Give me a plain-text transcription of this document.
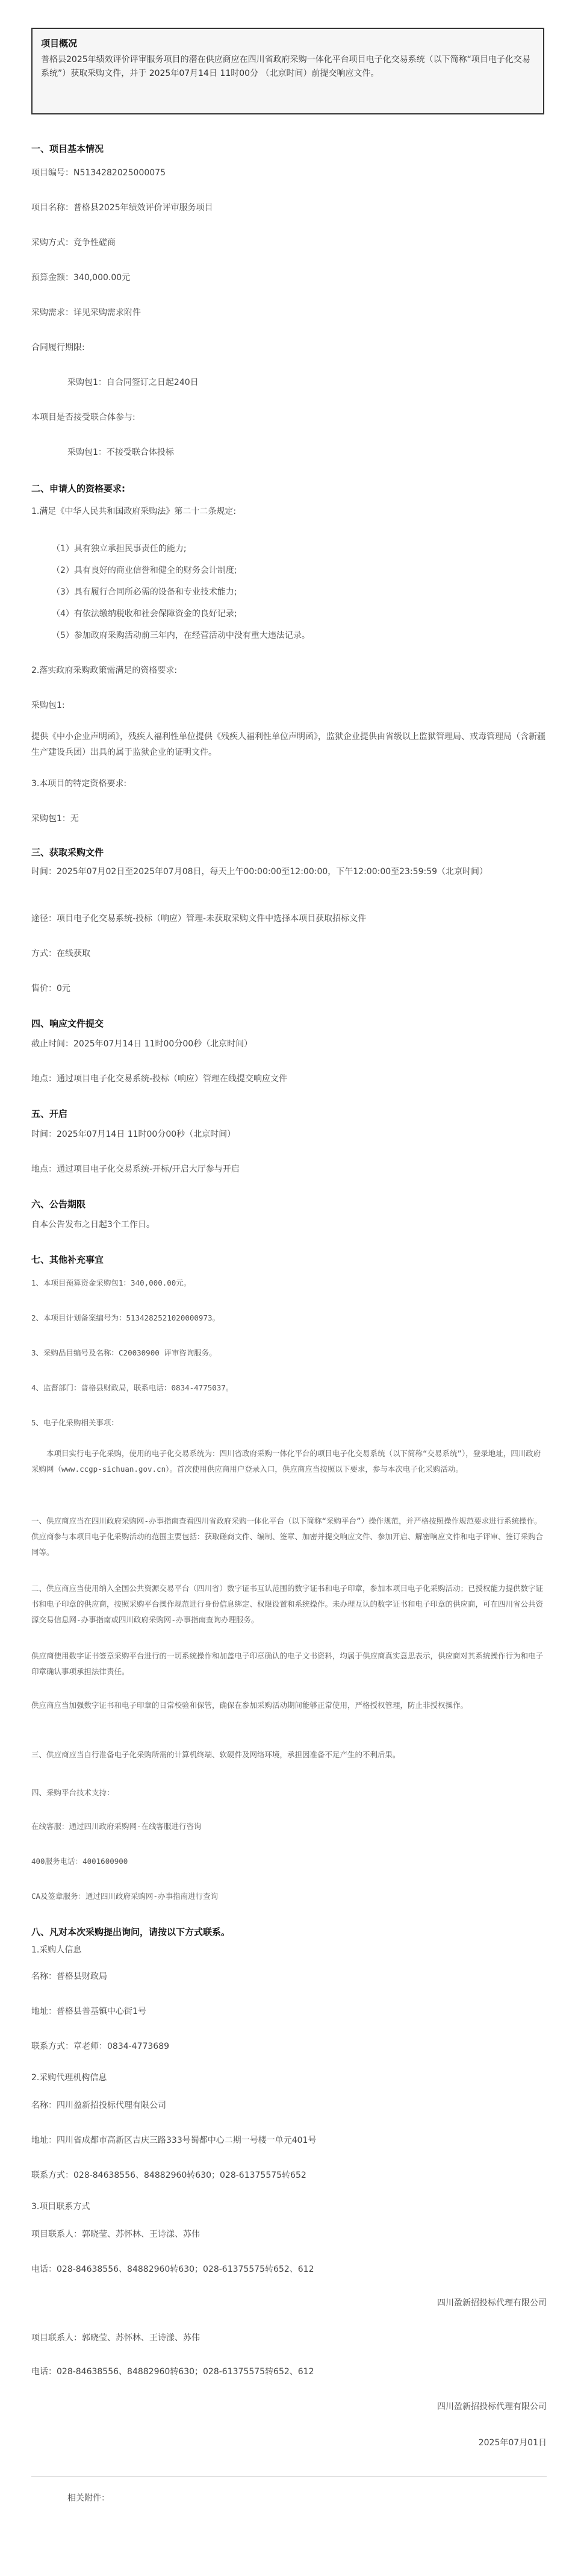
项目概况
普格县2025年绩效评价评审服务项目的潜在供应商应在四川省政府采购一体化平台项目电子化交易系统（以下简称“项目电子化交易系统”）获取采购文件，并于 2025年07月14日 11时00分 （北京时间）前提交响应文件。
一、项目基本情况
项目编号：N5134282025000075
项目名称：普格县2025年绩效评价评审服务项目
采购方式：竞争性磋商
预算金额：340,000.00元
采购需求：详见采购需求附件
合同履行期限:
采购包1：自合同签订之日起240日
本项目是否接受联合体参与:
采购包1：不接受联合体投标
二、申请人的资格要求:
1.满足《中华人民共和国政府采购法》第二十二条规定:
（1）具有独立承担民事责任的能力;
（2）具有良好的商业信誉和健全的财务会计制度;
（3）具有履行合同所必需的设备和专业技术能力;
（4）有依法缴纳税收和社会保障资金的良好记录;
（5）参加政府采购活动前三年内，在经营活动中没有重大违法记录。
2.落实政府采购政策需满足的资格要求:
采购包1:
提供《中小企业声明函》，残疾人福利性单位提供《残疾人福利性单位声明函》，监狱企业提供由省级以上监狱管理局、戒毒管理局（含新疆生产建设兵团）出具的属于监狱企业的证明文件。
3.本项目的特定资格要求:
采购包1：无
三、获取采购文件
时间：2025年07月02日至2025年07月08日，每天上午00:00:00至12:00:00，下午12:00:00至23:59:59（北京时间）
途径：项目电子化交易系统-投标（响应）管理-未获取采购文件中选择本项目获取招标文件
方式：在线获取
售价：0元
四、响应文件提交
截止时间：2025年07月14日 11时00分00秒（北京时间）
地点：通过项目电子化交易系统-投标（响应）管理在线提交响应文件
五、开启
时间：2025年07月14日 11时00分00秒（北京时间）
地点：通过项目电子化交易系统-开标/开启大厅参与开启
六、公告期限
自本公告发布之日起3个工作日。
七、其他补充事宜
1、本项目预算资金采购包1：340,000.00元。
2、本项目计划备案编号为：5134282521020000973。
3、采购品目编号及名称：C20030900 评审咨询服务。
4、监督部门：普格县财政局，联系电话：0834-4775037。
5、电子化采购相关事项：
本项目实行电子化采购，使用的电子化交易系统为：四川省政府采购一体化平台的项目电子化交易系统（以下简称“交易系统”），登录地址，四川政府采购网（www.ccgp-sichuan.gov.cn）。首次使用供应商用户登录入口，供应商应当按照以下要求，参与本次电子化采购活动。
一、供应商应当在四川政府采购网-办事指南查看四川省政府采购一体化平台（以下简称“采购平台”）操作规范，并严格按照操作规范要求进行系统操作。供应商参与本项目电子化采购活动的范围主要包括：获取磋商文件、编制、签章、加密并提交响应文件、参加开启、解密响应文件和电子评审、签订采购合同等。
二、供应商应当使用纳入全国公共资源交易平台（四川省）数字证书互认范围的数字证书和电子印章，参加本项目电子化采购活动；已授权能力提供数字证书和电子印章的供应商，按照采购平台操作规范进行身份信息绑定、权限设置和系统操作。未办理互认的数字证书和电子印章的供应商，可在四川省公共资源交易信息网-办事指南或四川政府采购网-办事指南查询办理服务。
供应商使用数字证书签章采购平台进行的一切系统操作和加盖电子印章确认的电子文书资料，均属于供应商真实意思表示，供应商对其系统操作行为和电子印章确认事项承担法律责任。
供应商应当加强数字证书和电子印章的日常校验和保管，确保在参加采购活动期间能够正常使用，严格授权管理，防止非授权操作。
三、供应商应当自行准备电子化采购所需的计算机终端、软硬件及网络环境，承担因准备不足产生的不利后果。
四、采购平台技术支持：
在线客服：通过四川政府采购网-在线客服进行咨询
400服务电话：4001600900
CA及签章服务：通过四川政府采购网-办事指南进行查询
八、凡对本次采购提出询问，请按以下方式联系。
1.采购人信息
名称：普格县财政局
地址：普格县普基镇中心街1号
联系方式：章老师：0834-4773689
2.采购代理机构信息
名称：四川盈新招投标代理有限公司
地址：四川省成都市高新区吉庆三路333号蜀都中心二期一号楼一单元401号
联系方式：028-84638556、84882960转630；028-61375575转652
3.项目联系方式
项目联系人：郭晓莹、苏怀林、王诗漾、苏伟
电话：028-84638556、84882960转630；028-61375575转652、612
四川盈新招投标代理有限公司
项目联系人：郭晓莹、苏怀林、王诗漾、苏伟
电话：028-84638556、84882960转630；028-61375575转652、612
四川盈新招投标代理有限公司
2025年07月01日
相关附件：
